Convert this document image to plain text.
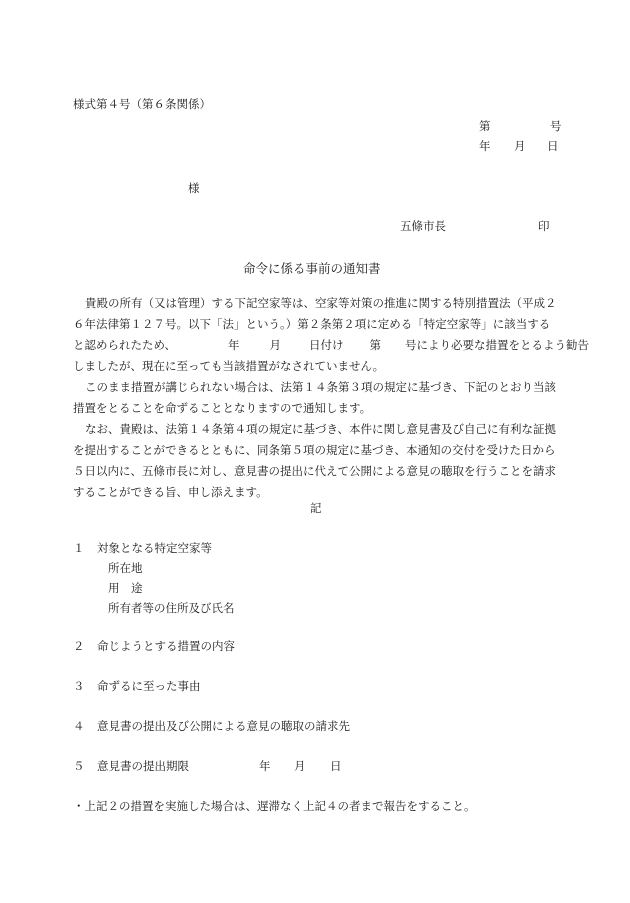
様式第４号（第６条関係）
第	号
年 月 日
様
五條市長	印
命令に係る事前の通知書
貴殿の所有（又は管理）する下記空家等は、空家等対策の推進に関する特別措置法（平成２
６年法律第１２７号。以下「法」という。）第２条第２項に定める「特定空家等」に該当する
と認められたため、	年	月 日付け 第 号により必要な措置をとるよう勧告
しましたが、現在に至っても当該措置がなされていません。
このまま措置が講じられない場合は、法第１４条第３項の規定に基づき、下記のとおり当該
措置をとることを命ずることとなりますので通知します。
なお、貴殿は、法第１４条第４項の規定に基づき、本件に関し意見書及び自己に有利な証拠
を提出することができるとともに、同条第５項の規定に基づき、本通知の交付を受けた日から
５日以内に、五條市長に対し、意見書の提出に代えて公開による意見の聴取を行うことを請求
することができる旨、申し添えます。
記
１ 対象となる特定空家等
所在地
用　途
所有者等の住所及び氏名
２ 命じようとする措置の内容
３ 命ずるに至った事由
４ 意見書の提出及び公開による意見の聴取の請求先
５ 意見書の提出期限	年 月 日
・上記２の措置を実施した場合は、遅滞なく上記４の者まで報告をすること。
